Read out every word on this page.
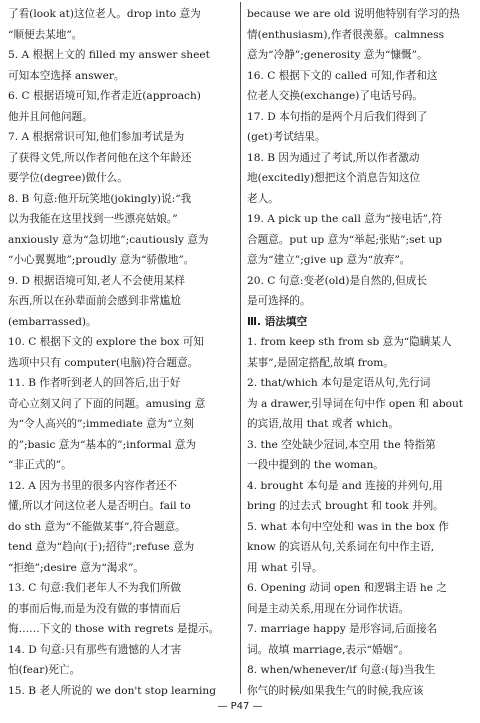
了看(look at)这位老人。drop into 意为
“顺便去某地”。
5. A 根据上文的 filled my answer sheet
可知本空选择 answer。
6. C 根据语境可知,作者走近(approach)
他并且问他问题。
7. A 根据常识可知,他们参加考试是为
了获得文凭,所以作者问他在这个年龄还
要学位(degree)做什么。
8. B 句意:他开玩笑地(jokingly)说:“我
以为我能在这里找到一些漂亮姑娘。”
anxiously 意为“急切地”;cautiously 意为
“小心翼翼地”;proudly 意为“骄傲地”。
9. D 根据语境可知,老人不会使用某样
东西,所以在孙辈面前会感到非常尴尬
(embarrassed)。
10. C 根据下文的 explore the box 可知
选项中只有 computer(电脑)符合题意。
11. B 作者听到老人的回答后,出于好
奇心立刻又问了下面的问题。amusing 意
为“令人高兴的”;immediate 意为“立刻
的”;basic 意为“基本的”;informal 意为
“非正式的”。
12. A 因为书里的很多内容作者还不
懂,所以才问这位老人是否明白。fail to
do sth 意为“不能做某事”,符合题意。
tend 意为“趋向(于);招待”;refuse 意为
“拒绝”;desire 意为“渴求”。
13. C 句意:我们老年人不为我们所做
的事而后悔,而是为没有做的事情而后
悔……下文的 those with regrets 是提示。
14. D 句意:只有那些有遗憾的人才害
怕(fear)死亡。
15. B 老人所说的 we don't stop learning
because we are old 说明他特别有学习的热
情(enthusiasm),作者很羡慕。calmness
意为“冷静”;generosity 意为“慷慨”。
16. C 根据下文的 called 可知,作者和这
位老人交换(exchange)了电话号码。
17. D 本句指的是两个月后我们得到了
(get)考试结果。
18. B 因为通过了考试,所以作者激动
地(excitedly)想把这个消息告知这位
老人。
19. A pick up the call 意为“接电话”,符
合题意。put up 意为“举起;张贴”;set up
意为“建立”;give up 意为“放弃”。
20. C 句意:变老(old)是自然的,但成长
是可选择的。
Ⅲ. 语法填空
1. from keep sth from sb 意为“隐瞒某人
某事”,是固定搭配,故填 from。
2. that/which 本句是定语从句,先行词
为 a drawer,引导词在句中作 open 和 about
的宾语,故用 that 或者 which。
3. the 空处缺少冠词,本空用 the 特指第
一段中提到的 the woman。
4. brought 本句是 and 连接的并列句,用
bring 的过去式 brought 和 took 并列。
5. what 本句中空处和 was in the box 作
know 的宾语从句,关系词在句中作主语,
用 what 引导。
6. Opening 动词 open 和逻辑主语 he 之
间是主动关系,用现在分词作状语。
7. marriage happy 是形容词,后面接名
词。故填 marriage,表示“婚姻”。
8. when/whenever/if 句意:(每)当我生
你气的时候/如果我生气的时候,我应该
— P47 —
